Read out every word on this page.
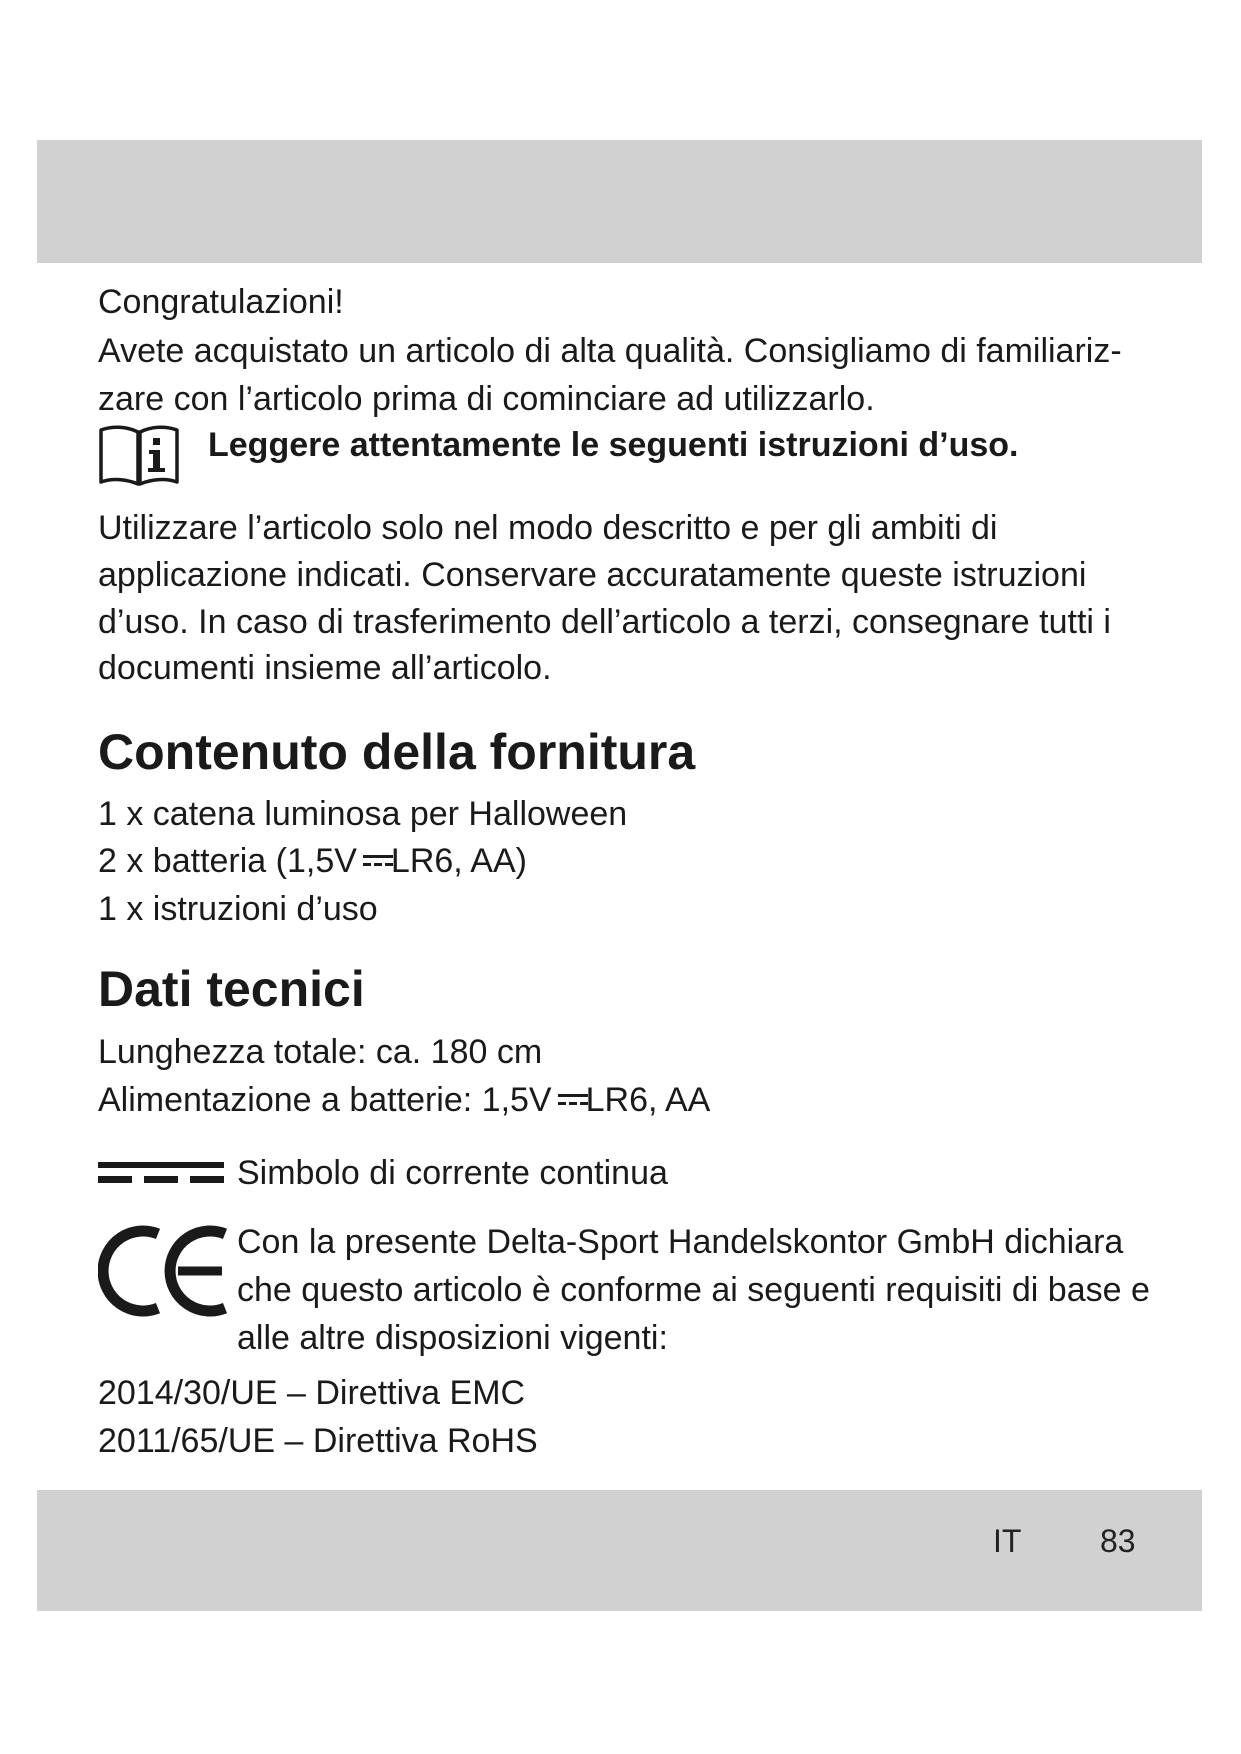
Congratulazioni!
Avete acquistato un articolo di alta qualità. Consigliamo di familiariz-
zare con l’articolo prima di cominciare ad utilizzarlo.
Leggere attentamente le seguenti istruzioni d’uso.
Utilizzare l’articolo solo nel modo descritto e per gli ambiti di
applicazione indicati. Conservare accuratamente queste istruzioni
d’uso. In caso di trasferimento dell’articolo a terzi, consegnare tutti i
documenti insieme all’articolo.
Contenuto della fornitura
1 x catena luminosa per Halloween
2 x batteria (1,5V LR6, AA)
1 x istruzioni d’uso
Dati tecnici
Lunghezza totale: ca. 180 cm
Alimentazione a batterie: 1,5V LR6, AA
Simbolo di corrente continua
Con la presente Delta-Sport Handelskontor GmbH dichiara
che questo articolo è conforme ai seguenti requisiti di base e
alle altre disposizioni vigenti:
2014/30/UE – Direttiva EMC
2011/65/UE – Direttiva RoHS
IT 83
